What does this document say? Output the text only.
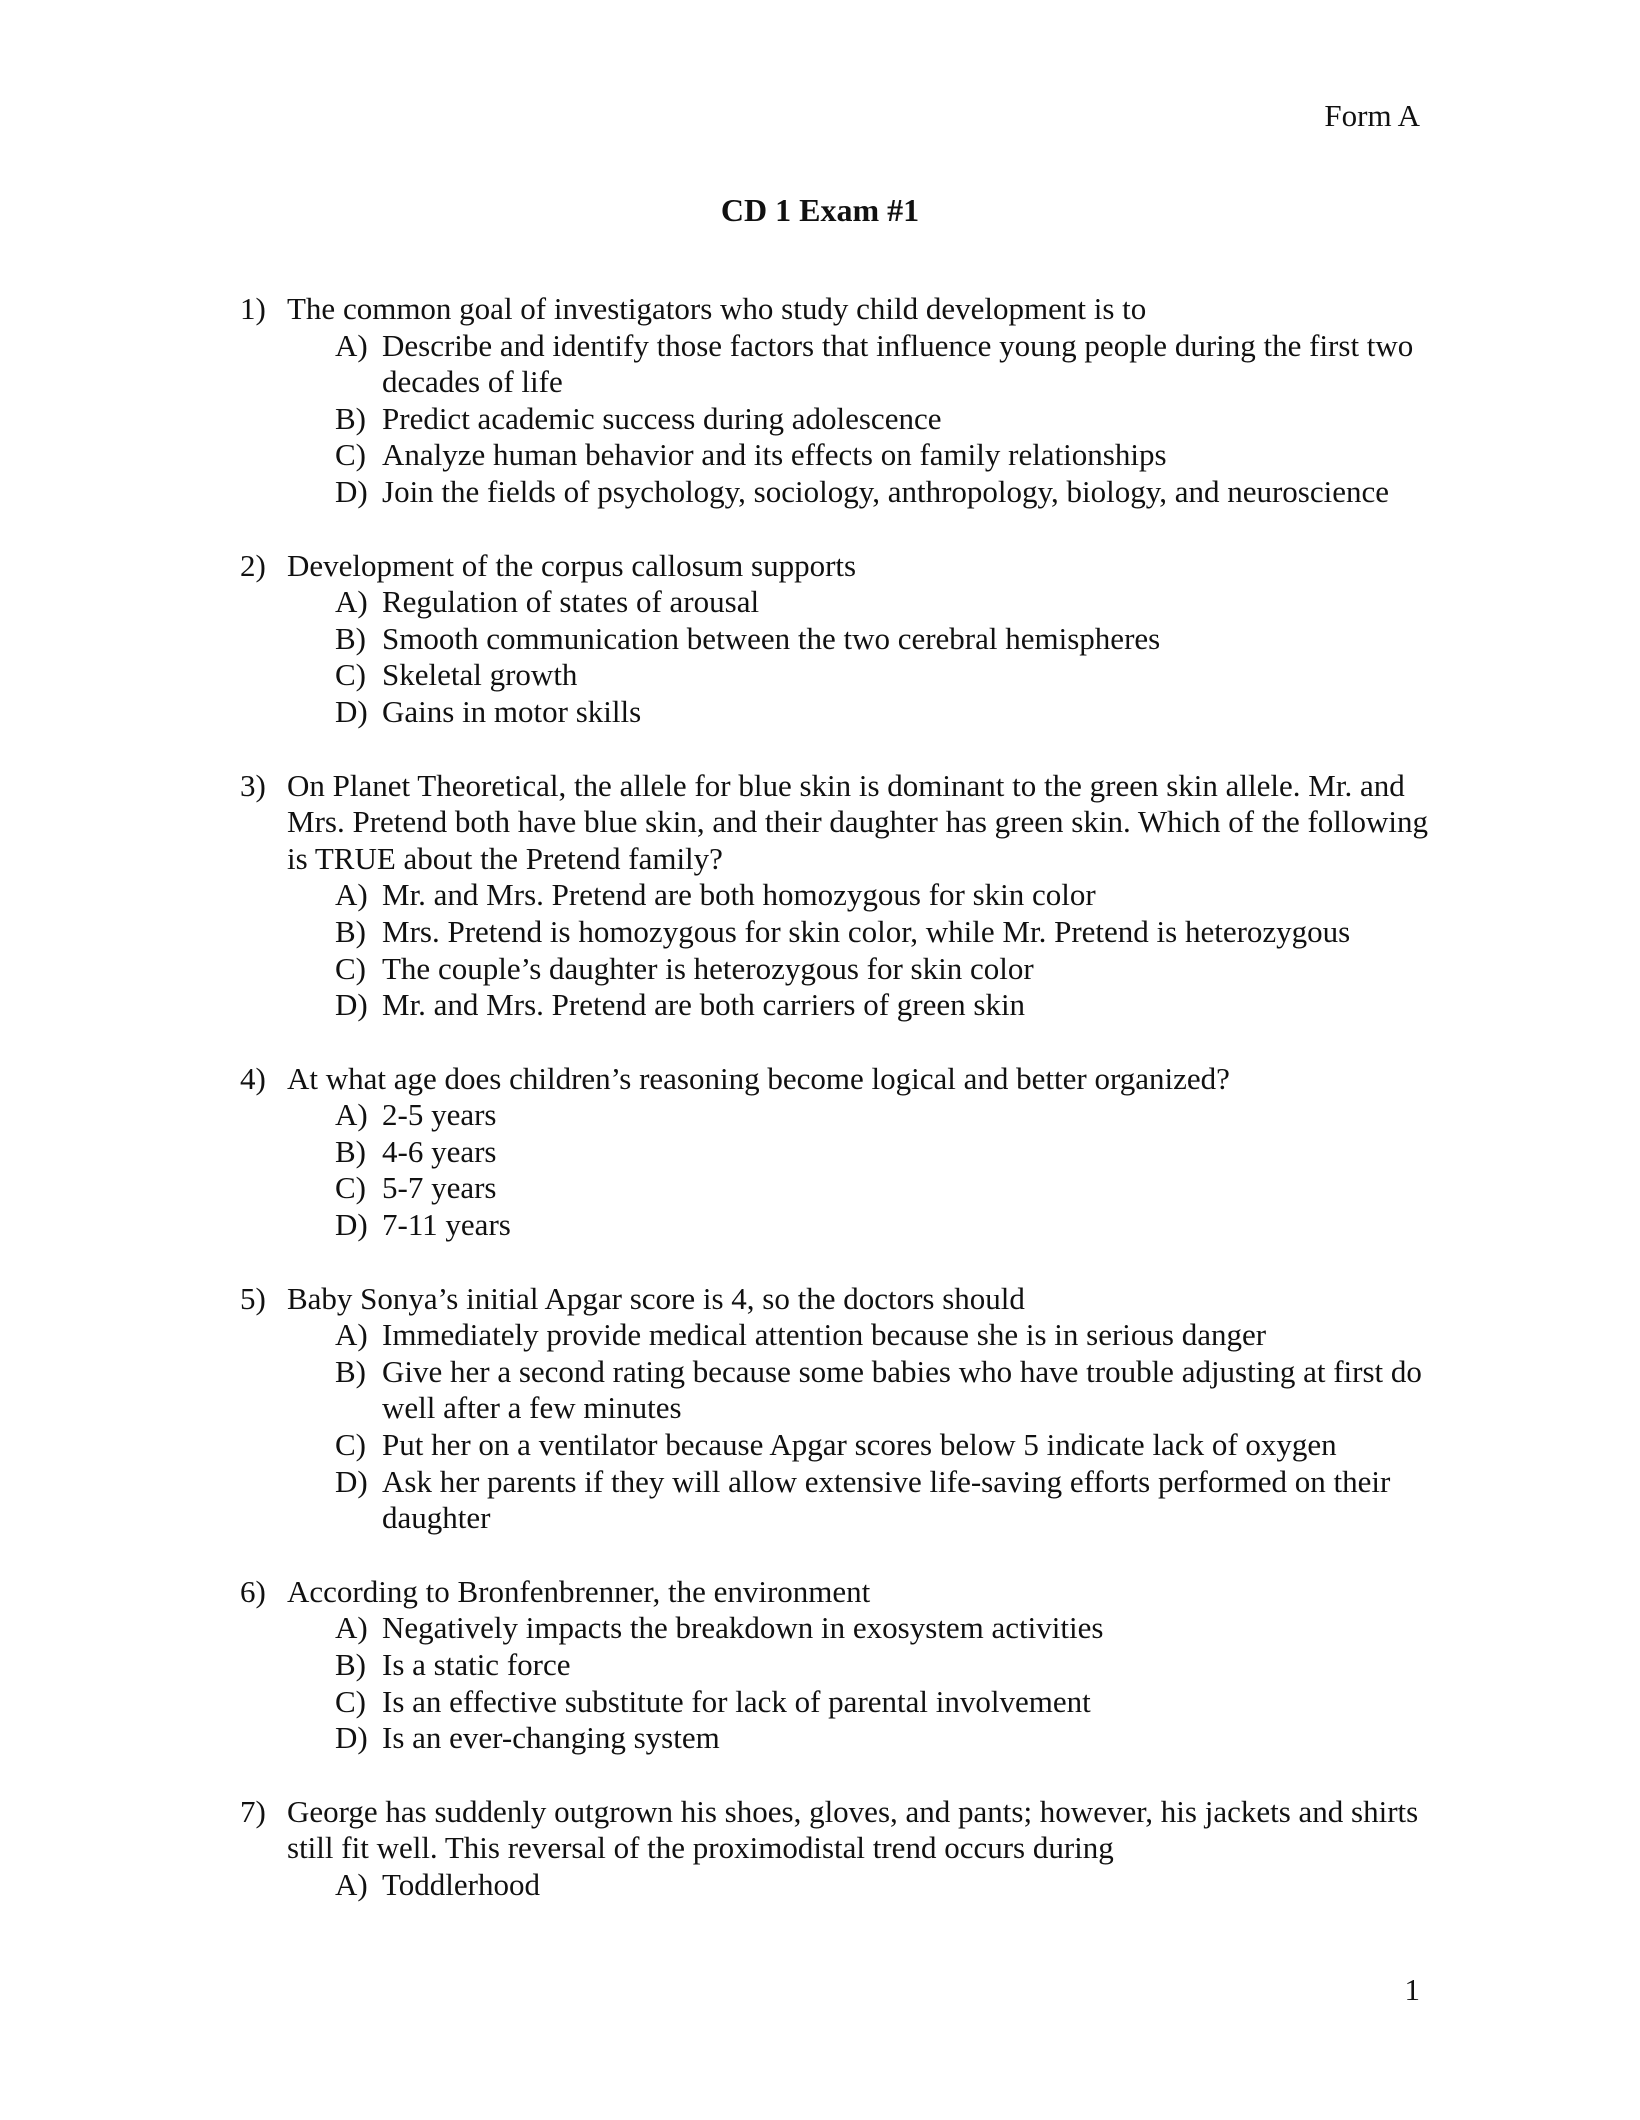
Form A
CD 1 Exam #1
1) The common goal of investigators who study child development is to
A) Describe and identify those factors that influence young people during the first two decades of life
B) Predict academic success during adolescence
C) Analyze human behavior and its effects on family relationships
D) Join the fields of psychology, sociology, anthropology, biology, and neuroscience
2) Development of the corpus callosum supports
A) Regulation of states of arousal
B) Smooth communication between the two cerebral hemispheres
C) Skeletal growth
D) Gains in motor skills
3) On Planet Theoretical, the allele for blue skin is dominant to the green skin allele. Mr. and Mrs. Pretend both have blue skin, and their daughter has green skin. Which of the following is TRUE about the Pretend family?
A) Mr. and Mrs. Pretend are both homozygous for skin color
B) Mrs. Pretend is homozygous for skin color, while Mr. Pretend is heterozygous
C) The couple’s daughter is heterozygous for skin color
D) Mr. and Mrs. Pretend are both carriers of green skin
4) At what age does children’s reasoning become logical and better organized?
A) 2-5 years
B) 4-6 years
C) 5-7 years
D) 7-11 years
5) Baby Sonya’s initial Apgar score is 4, so the doctors should
A) Immediately provide medical attention because she is in serious danger
B) Give her a second rating because some babies who have trouble adjusting at first do well after a few minutes
C) Put her on a ventilator because Apgar scores below 5 indicate lack of oxygen
D) Ask her parents if they will allow extensive life-saving efforts performed on their daughter
6) According to Bronfenbrenner, the environment
A) Negatively impacts the breakdown in exosystem activities
B) Is a static force
C) Is an effective substitute for lack of parental involvement
D) Is an ever-changing system
7) George has suddenly outgrown his shoes, gloves, and pants; however, his jackets and shirts still fit well. This reversal of the proximodistal trend occurs during
A) Toddlerhood
1
